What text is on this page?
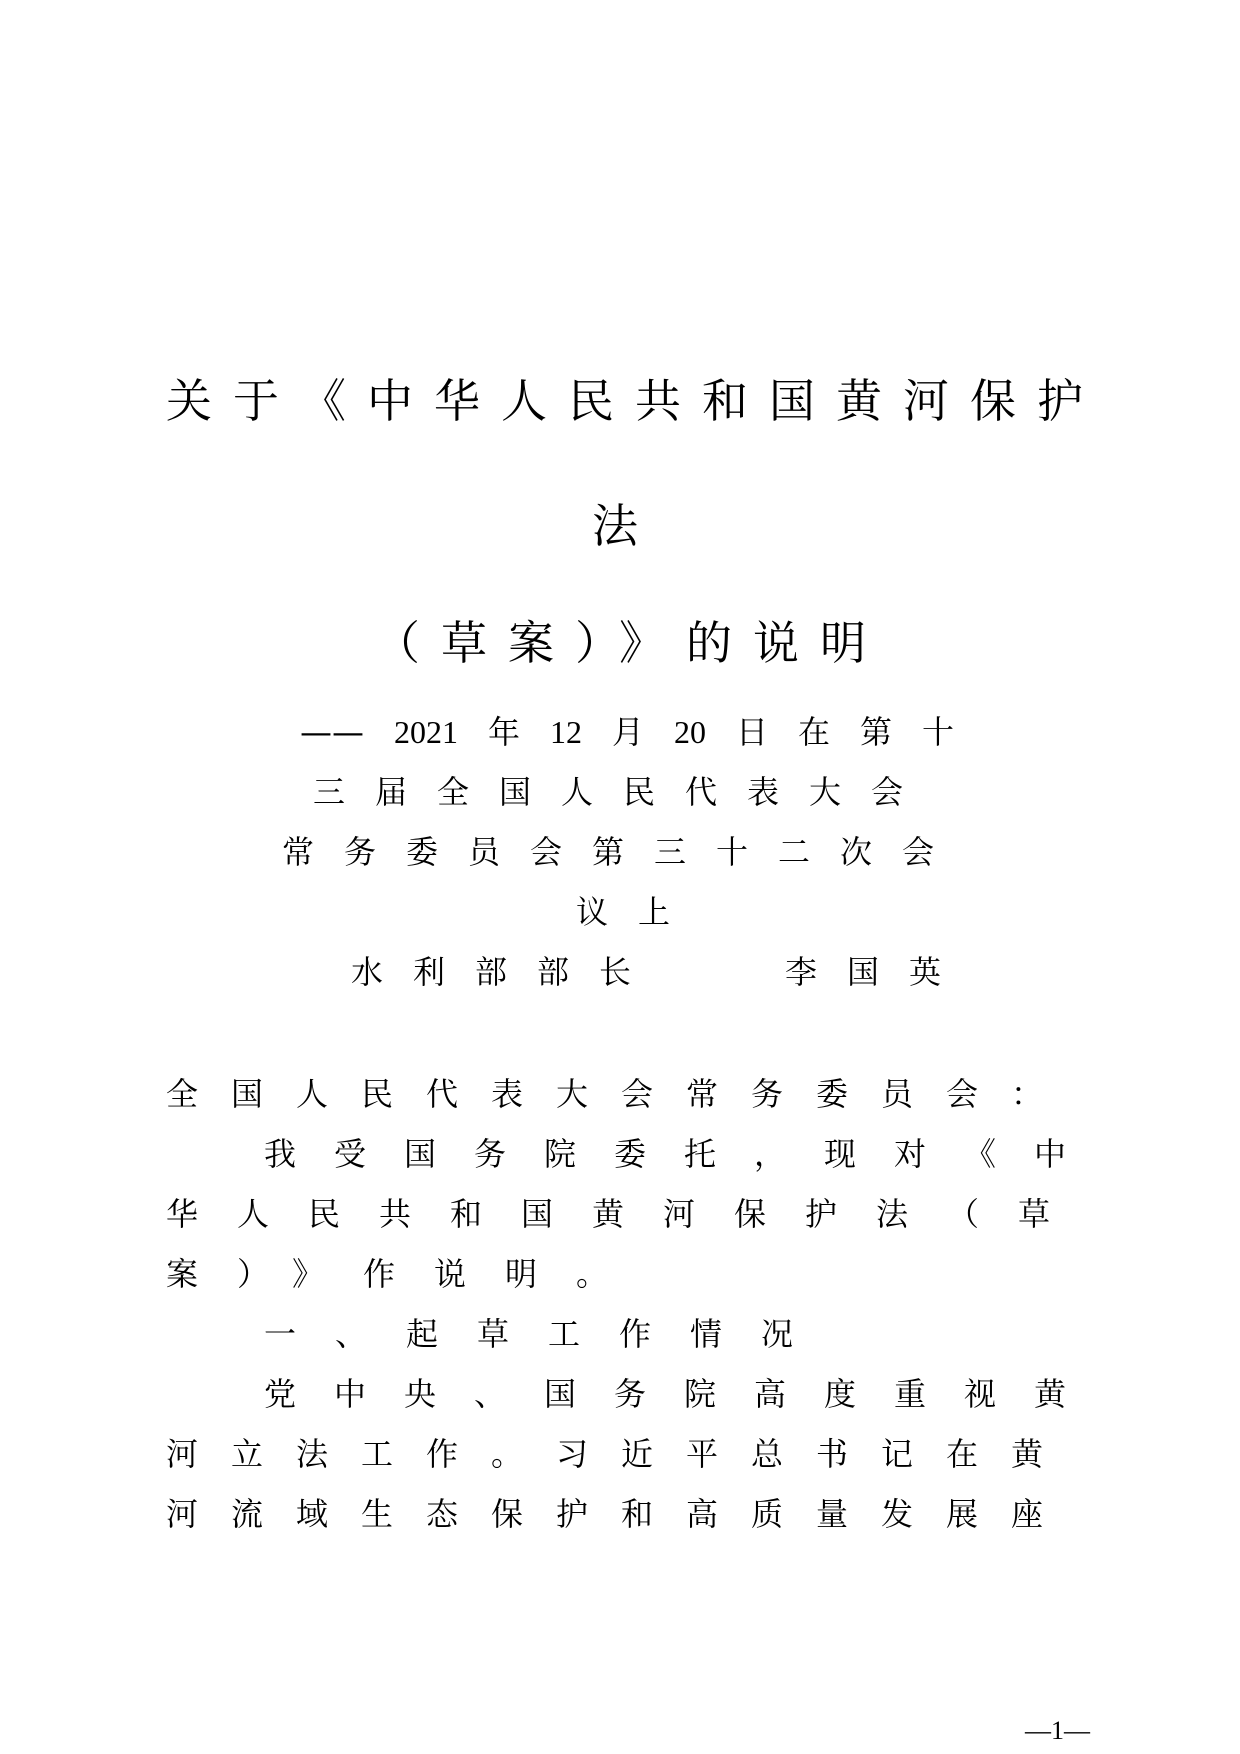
关于《中华人民共和国黄河保护
法
（草案）》的说明
—— 2021 年 12 月 20 日 在 第 十
三届全国人民代表大会
常务委员会第三十二次会
议上
水利部部长　　李国英
全国人民代表大会常务委员会：
我受国务院委托，现对《中
华人民共和国黄河保护法（草
案）》作说明。
一、起草工作情况
党中央、国务院高度重视黄
河立法工作。习近平总书记在黄
河流域生态保护和高质量发展座
—1—
